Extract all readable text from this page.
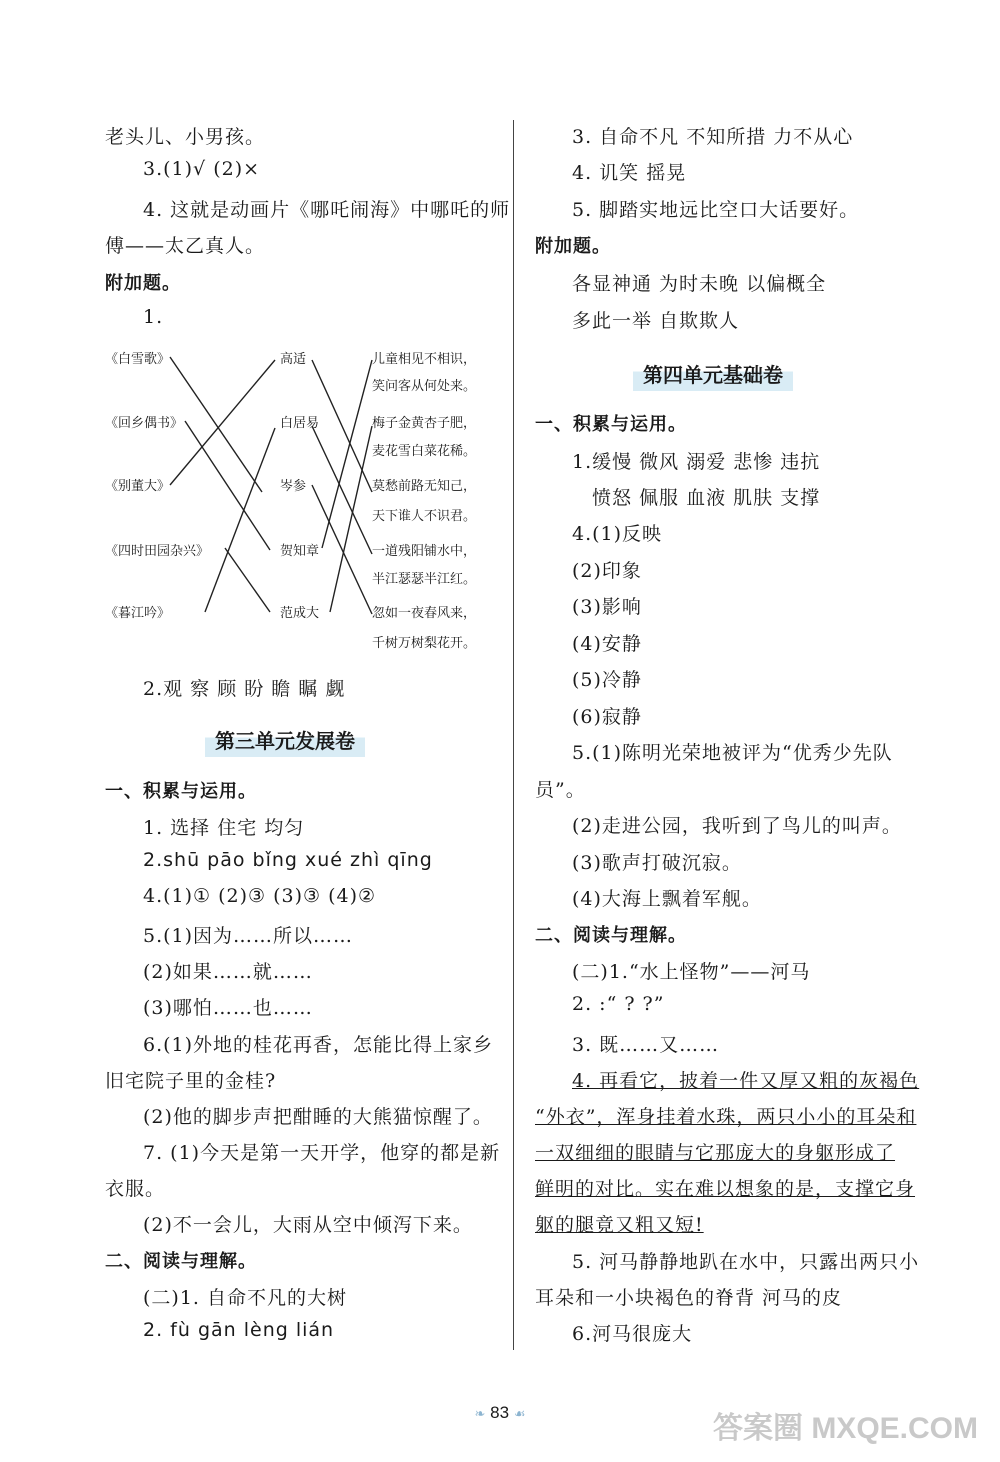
老头儿、小男孩。
3.(1)√ (2)×
4. 这就是动画片《哪吒闹海》中哪吒的师
傅——太乙真人。
附加题。
1.
《白雪歌》
《回乡偶书》
《别董大》
《四时田园杂兴》
《暮江吟》
高适
白居易
岑参
贺知章
范成大
儿童相见不相识，
笑问客从何处来。
梅子金黄杏子肥，
麦花雪白菜花稀。
莫愁前路无知己，
天下谁人不识君。
一道残阳铺水中，
半江瑟瑟半江红。
忽如一夜春风来，
千树万树梨花开。
2.观 察 顾 盼 瞻 瞩 觑
第三单元发展卷
一、积累与运用。
1. 选择 住宅 均匀
2.shū pāo bǐng xué zhì qīng
4.(1)① (2)③ (3)③ (4)②
5.(1)因为……所以……
(2)如果……就……
(3)哪怕……也……
6.(1)外地的桂花再香，怎能比得上家乡
旧宅院子里的金桂?
(2)他的脚步声把酣睡的大熊猫惊醒了。
7. (1)今天是第一天开学，他穿的都是新
衣服。
(2)不一会儿，大雨从空中倾泻下来。
二、阅读与理解。
(二)1. 自命不凡的大树
2. fù gān lèng lián
3. 自命不凡 不知所措 力不从心
4. 讥笑 摇晃
5. 脚踏实地远比空口大话要好。
附加题。
各显神通 为时未晚 以偏概全
多此一举 自欺欺人
第四单元基础卷
一、积累与运用。
1.缓慢 微风 溺爱 悲惨 违抗
愤怒 佩服 血液 肌肤 支撑
4.(1)反映
(2)印象
(3)影响
(4)安静
(5)冷静
(6)寂静
5.(1)陈明光荣地被评为“优秀少先队
员”。
(2)走进公园，我听到了鸟儿的叫声。
(3)歌声打破沉寂。
(4)大海上飘着军舰。
二、阅读与理解。
(二)1.“水上怪物”——河马
2. :“ ? ?”
3. 既……又……
4. 再看它，披着一件又厚又粗的灰褐色
“外衣”，浑身挂着水珠，两只小小的耳朵和
一双细细的眼睛与它那庞大的身躯形成了
鲜明的对比。实在难以想象的是，支撑它身
躯的腿竟又粗又短!
5. 河马静静地趴在水中，只露出两只小
耳朵和一小块褐色的脊背 河马的皮
6.河马很庞大
❧ 83 ☙	答案圈 MXQE.COM
